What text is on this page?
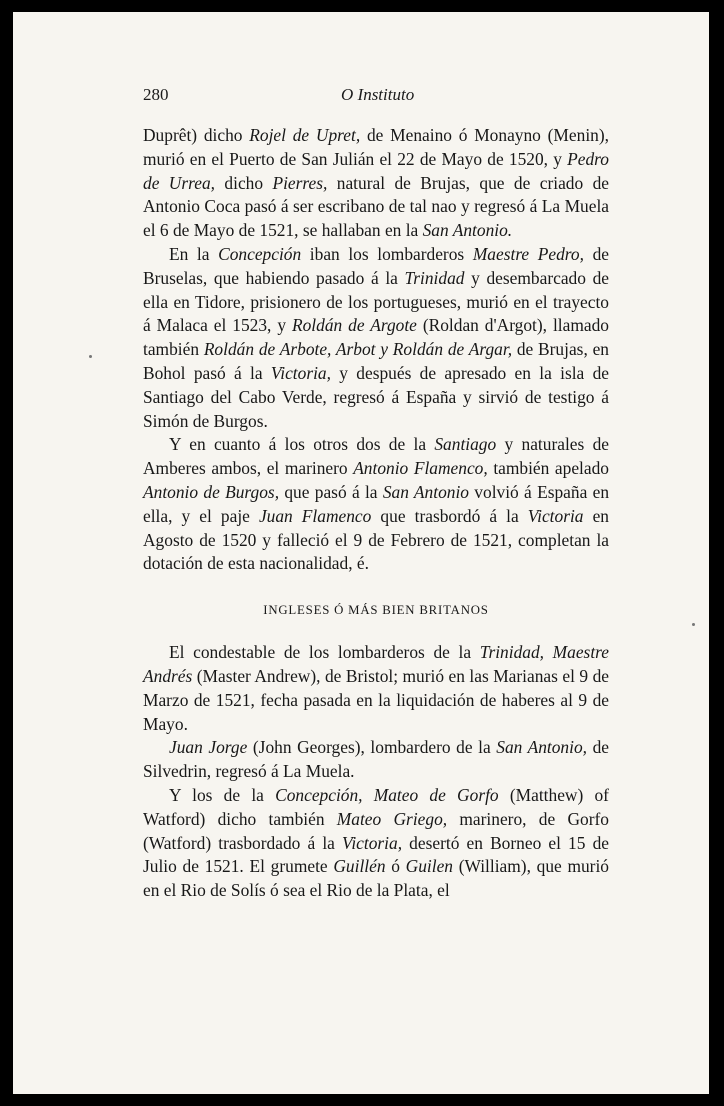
280	O Instituto

Duprêt) dicho Rojel de Upret, de Menaino ó Monayno (Menin), murió en el Puerto de San Julián el 22 de Mayo de 1520, y Pedro de Urrea, dicho Pierres, natural de Brujas, que de criado de Antonio Coca pasó á ser escribano de tal nao y regresó á La Muela el 6 de Mayo de 1521, se hallaban en la San Antonio.

En la Concepción iban los lombarderos Maestre Pedro, de Bruselas, que habiendo pasado á la Trinidad y desembarcado de ella en Tidore, prisionero de los portugueses, murió en el trayecto á Malaca el 1523, y Roldán de Argote (Roldan d'Argot), llamado también Roldán de Arbote, Arbot y Roldán de Argar, de Brujas, en Bohol pasó á la Victoria, y después de apresado en la isla de Santiago del Cabo Verde, regresó á España y sirvió de testigo á Simón de Burgos.

Y en cuanto á los otros dos de la Santiago y naturales de Amberes ambos, el marinero Antonio Flamenco, también apelado Antonio de Burgos, que pasó á la San Antonio volvió á España en ella, y el paje Juan Flamenco que trasbordó á la Victoria en Agosto de 1520 y falleció el 9 de Febrero de 1521, completan la dotación de esta nacionalidad, é.

INGLESES Ó MÁS BIEN BRITANOS

El condestable de los lombarderos de la Trinidad, Maestre Andrés (Master Andrew), de Bristol; murió en las Marianas el 9 de Marzo de 1521, fecha pasada en la liquidación de haberes al 9 de Mayo.

Juan Jorge (John Georges), lombardero de la San Antonio, de Silvedrin, regresó á La Muela.

Y los de la Concepción, Mateo de Gorfo (Matthew) of Watford) dicho también Mateo Griego, marinero, de Gorfo (Watford) trasbordado á la Victoria, desertó en Borneo el 15 de Julio de 1521. El grumete Guillén ó Guilen (William), que murió en el Rio de Solís ó sea el Rio de la Plata, el
